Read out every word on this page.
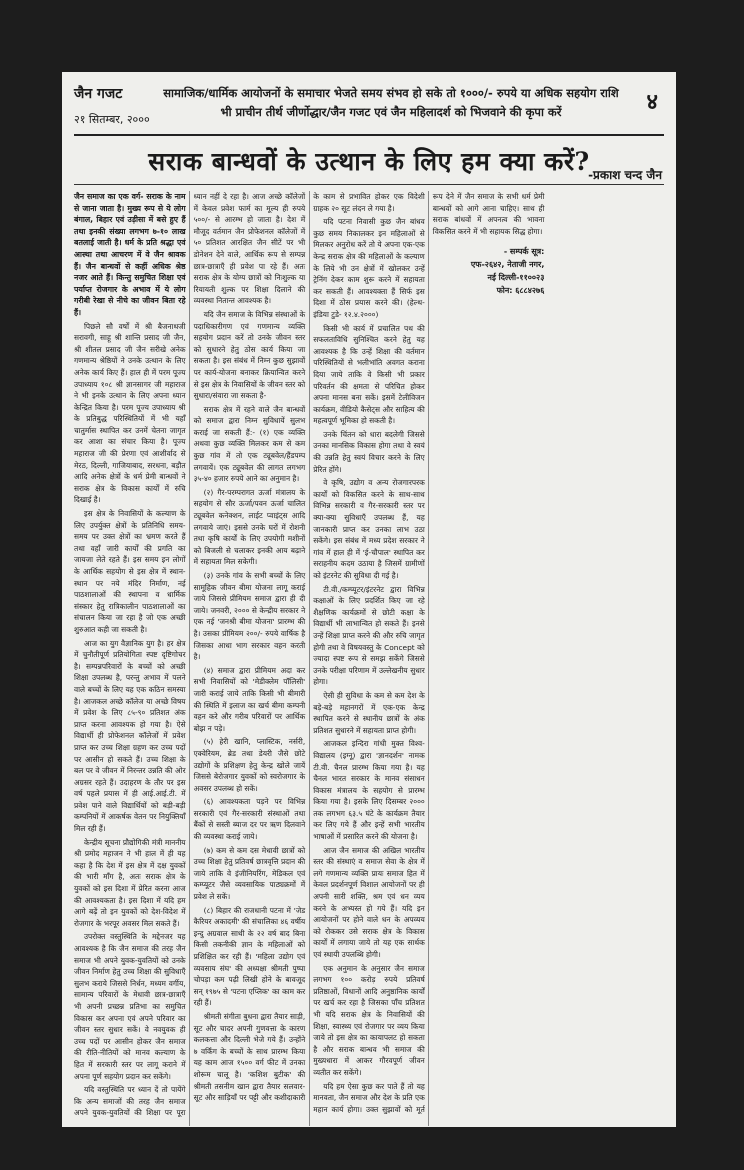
जैन गजट
२१ सितम्बर, २०००
सामाजिक/धार्मिक आयोजनों के समाचार भेजते समय संभव हो सके तो १०००/- रुपये या अधिक सहयोग राशि
भी प्राचीन तीर्थ जीर्णोद्धार/जैन गजट एवं जैन महिलादर्श को भिजवाने की कृपा करें	४
सराक बान्धवों के उत्थान के लिए हम क्या करें?
-प्रकाश चन्द जैन

जैन समाज का एक वर्ग- सराक के नाम से जाना जाता है। मुख्य रूप से ये लोग बंगाल, बिहार एवं उड़ीसा में बसे हुए हैं तथा इनकी संख्या लगभग ७-१० लाख बतलाई जाती है। धर्म के प्रति श्रद्धा एवं आस्था तथा आचरण में वे जैन श्रावक हैं। जैन बान्धवों से कहीं अधिक श्रेष्ठ नजर आते हैं। किन्तु समुचित शिक्षा एवं पर्याप्त रोजगार के अभाव में ये लोग गरीबी रेखा से नीचे का जीवन बिता रहे हैं।

पिछले सौ वर्षों में श्री बैजनाथजी सरावगी, साहू श्री शान्ति प्रसाद जी जैन, श्री शीतल प्रसाद जी जैन सरीखे अनेक गणमान्य श्रेष्ठियों ने उनके उत्थान के लिए अनेक कार्य किए हैं। हाल ही में परम पूज्य उपाध्याय १०८ श्री ज्ञानसागर जी महाराज ने भी इनके उत्थान के लिए अपना ध्यान केन्द्रित किया है। परम पूज्य उपाध्याय श्री के प्रतिबुद्ध परिस्थितियों में भी यहाँ चातुर्मास स्थापित कर उनमें चेतना जागृत कर आशा का संचार किया है। पूज्य महाराज जी की प्रेरणा एवं आशीर्वाद से मेरठ, दिल्ली, गाजियाबाद, सरधना, बड़ौत आदि अनेक क्षेत्रों के धर्म प्रेमी बान्धवों ने सराक क्षेत्र के विकास कार्यों में रुचि दिखाई है।

इस क्षेत्र के निवासियों के कल्याण के लिए उपर्युक्त क्षेत्रों के प्रतिनिधि समय-समय पर उक्त क्षेत्रों का भ्रमण करते हैं तथा वहाँ जारी कार्यों की प्रगति का जायजा लेते रहते हैं। इस समय इन लोगों के आर्थिक सहयोग से इस क्षेत्र में स्थान-स्थान पर नये मंदिर निर्माण, नई पाठशालाओं की स्थापना व धार्मिक संस्कार हेतु रात्रिकालीन पाठशालाओं का संचालन किया जा रहा है जो एक अच्छी शुरुआत कही जा सकती है।

आज का युग वैज्ञानिक युग है। हर क्षेत्र में चुनौतीपूर्ण प्रतियोगिता स्पष्ट दृष्टिगोचर है। सम्पन्नपरिवारों के बच्चों को अच्छी शिक्षा उपलब्ध है, परन्तु अभाव में पलने वाले बच्चों के लिए यह एक कठिन समस्या है। आजकल अच्छे कॉलेज या अच्छे विषय में प्रवेश के लिए ८५-९० प्रतिशत अंक प्राप्त करना आवश्यक हो गया है। ऐसे विद्यार्थी ही प्रोफेशनल कॉलेजों में प्रवेश प्राप्त कर उच्च शिक्षा ग्रहण कर उच्च पदों पर आसीन हो सकते हैं। उच्च शिक्षा के बल पर वे जीवन में निरन्तर उन्नति की ओर अग्रसर रहते हैं। उदाहरण के तौर पर इस वर्ष पहले प्रयास में ही आई.आई.टी. में प्रवेश पाने वाले विद्यार्थियों को बड़ी-बड़ी कम्पनियों में आकर्षक वेतन पर नियुक्तियाँ मिल रही हैं।

केन्द्रीय सूचना प्रौद्योगिकी मंत्री माननीय श्री प्रमोद महाजन ने भी हाल में ही यह कहा है कि देश में इस क्षेत्र में दक्ष युवकों की भारी माँग है, अतः सराक क्षेत्र के युवकों को इस दिशा में प्रेरित करना आज की आवश्यकता है। इस दिशा में यदि हम आगे बढ़ें तो इन युवकों को देश-विदेश में रोजगार के भरपूर अवसर मिल सकते हैं।

उपरोक्त वस्तुस्थिति के मद्देनजर यह आवश्यक है कि जैन समाज की तरह जैन समाज भी अपने युवक-युवतियों को उनके जीवन निर्माण हेतु उच्च शिक्षा की सुविधाएँ सुलभ कराये जिससे निर्धन, मध्यम वर्गीय, सामान्य परिवारों के मेधावी छात्र-छात्राएँ भी अपनी प्रच्छन्न प्रतिभा का समुचित विकास कर अपना एवं अपने परिवार का जीवन स्तर सुधार सकें। वे नवयुवक ही उच्च पदों पर आसीन होकर जैन समाज की रीति-नीतियों को मानव कल्याण के हित में सरकारी स्तर पर लागू कराने में अपना पूर्ण सहयोग प्रदान कर सकेंगे।

यदि वस्तुस्थिति पर ध्यान दें तो पायेंगे कि अन्य समाजों की तरह जैन समाज अपने युवक-युवतियों की शिक्षा पर पूरा ध्यान नहीं दे रहा है। आज अच्छे कॉलेजों में केवल प्रवेश फार्म का मूल्य ही रुपये ५००/- से आरम्भ हो जाता है। देश में मौजूद वर्तमान जैन प्रोफेशनल कॉलेजों में ५० प्रतिशत आरक्षित जैन सीटें पर भी डोनेशन देने वाले, आर्थिक रूप से सम्पन्न छात्र-छात्राएँ ही प्रवेश पा रहे हैं। अतः सराक क्षेत्र के योग्य छात्रों को निःशुल्क या रियायती शुल्क पर शिक्षा दिलाने की व्यवस्था नितान्त आवश्यक है।

यदि जैन समाज के विभिन्न संस्थाओं के पदाधिकारीगण एवं गणमान्य व्यक्ति सहयोग प्रदान करें तो उनके जीवन स्तर को सुधारने हेतु ठोस कार्य किया जा सकता है। इस संबंध में निम्न कुछ सुझावों पर कार्य-योजना बनाकर क्रियान्वित करने से इस क्षेत्र के निवासियों के जीवन स्तर को सुधारा/संवारा जा सकता है-

सराक क्षेत्र में रहने वाले जैन बान्धवों को समाज द्वारा निम्न सुविधायें सुलभ कराई जा सकती हैं:- (१) एक व्यक्ति अथवा कुछ व्यक्ति मिलकर कम से कम कुछ गांव में तो एक ट्यूबवेल/हैंडपम्प लगवायें। एक ट्यूबवेल की लागत लगभग ३५-४० हजार रुपये आने का अनुमान है।

(२) गैर-परम्परागत ऊर्जा मंत्रालय के सहयोग से सौर ऊर्जा/पवन ऊर्जा चालित ट्यूबवेल कनेक्शन, लाईट प्वाइंट्स आदि लगवाये जाएं। इससे उनके घरों में रोशनी तथा कृषि कार्यों के लिए उपयोगी मशीनों को बिजली से चलाकर इनकी आय बढ़ाने में सहायता मिल सकेगी।

(३) उनके गांव के सभी बच्चों के लिए सामूहिक जीवन बीमा योजना लागू कराई जाये जिससे प्रीमियम समाज द्वारा ही दी जाये। जनवरी, २००० से केन्द्रीय सरकार ने एक नई 'जनश्री बीमा योजना' प्रारम्भ की है। उसका प्रीमियम २००/- रुपये वार्षिक है जिसका आधा भाग सरकार वहन करती है।

(४) समाज द्वारा प्रीमियम अदा कर सभी निवासियों को 'मेडीक्लेम पॉलिसी' जारी कराई जाये ताकि किसी भी बीमारी की स्थिति में इलाज का खर्च बीमा कम्पनी वहन करे और गरीब परिवारों पर आर्थिक बोझ न पड़े।

(५) हेरी खानि, प्लास्टिक, नर्सरी, एक्वेरियम, ब्रेड तथा डेयरी जैसे छोटे उद्योगों के प्रशिक्षण हेतु केन्द्र खोले जायें जिससे बेरोजगार युवकों को स्वरोजगार के अवसर उपलब्ध हो सकें।

(६) आवश्यकता पड़ने पर विभिन्न सरकारी एवं गैर-सरकारी संस्थाओं तथा बैंकों से सस्ती ब्याज दर पर ऋण दिलवाने की व्यवस्था कराई जाये।

(७) कम से कम दस मेधावी छात्रों को उच्च शिक्षा हेतु प्रतिवर्ष छात्रवृत्ति प्रदान की जाये ताकि वे इंजीनियरिंग, मेडिकल एवं कम्प्यूटर जैसे व्यवसायिक पाठ्यक्रमों में प्रवेश ले सकें।

(८) बिहार की राजधानी पटना में 'जेड कैरियर अकादमी' की संचालिका ४६ वर्षीय इन्दु अग्रवाल साथी के २२ वर्ष बाद बिना किसी तकनीकी ज्ञान के महिलाओं को प्रशिक्षित कर रही हैं। 'महिला उद्योग एवं व्यवसाय संघ' की अध्यक्षा श्रीमती पुष्पा चोपड़ा कम पढ़ी लिखी होने के बावजूद सन् १९७५ से 'पटना एप्लिक' का काम कर रही हैं।

श्रीमती संगीता बुधना द्वारा तैयार साड़ी, सूट और चादर अपनी गुणवत्ता के कारण कलकत्ता और दिल्ली भेजे गये हैं। उन्होंने ७ वर्किंग के बच्चों के साथ प्रारम्भ किया यह काम आज १५०० वर्ग फीट में उनका शोरूम चालू है। 'कशिश बुटीक' की श्रीमती तसनीम खान द्वारा तैयार सलवार-सूट और साड़ियाँ पर पट्टी और कशीदाकारी के काम से प्रभावित होकर एक विदेशी ग्राहक २० सूट लंदन ले गया है।

यदि पटना निवासी कुछ जैन बांधव कुछ समय निकालकर इन महिलाओं से मिलकर अनुरोध करें तो ये अपना एक-एक केन्द्र सराक क्षेत्र की महिलाओं के कल्याण के लिये भी उन क्षेत्रों में खोलकर उन्हें ट्रेनिंग देकर काम शुरू करने में सहायता कर सकती हैं। आवश्यक्ता हैं सिर्फ इस दिशा में ठोस प्रयास करने की। (हेल्थ-इंडिया टुडे- १२.४.२०००)

किसी भी कार्य में प्रचालित पथ की सफलताविधि सुनिश्चित करने हेतु यह आवश्यक है कि उन्हें शिक्षा की वर्तमान परिस्थितियों से भलीभांति अवगत कराना दिया जाये ताकि वे किसी भी प्रकार परिवर्तन की क्षमता से परिचित होकर अपना मानस बना सकें। इसमें टेलीविजन कार्यक्रम, वीडियो कैसेट्स और साहित्य की महत्वपूर्ण भूमिका हो सकती है।

उनके चिंतन को धारा बदलेगी जिससे उनका मानसिक विकास होगा तथा वे स्वयं की उन्नति हेतु स्वयं विचार करने के लिए प्रेरित होंगे।

वे कृषि, उद्योग व अन्य रोजगारपरक कार्यों को विकसित करने के साथ-साथ विभिन्न सरकारी व गैर-सरकारी स्तर पर क्या-क्या सुविधाएँ उपलब्ध हैं, यह जानकारी प्राप्त कर उनका लाभ उठा सकेंगे। इस संबंध में मध्य प्रदेश सरकार ने गांव में हाल ही में 'ई-चौपाल' स्थापित कर सराहनीय कदम उठाया है जिसमें ग्रामीणों को इंटरनेट की सुविधा दी गई है।

टी.वी./कम्प्यूटर/इंटरनेट द्वारा विभिन्न कक्षाओं के लिए प्रदर्शित किए जा रहे शैक्षणिक कार्यक्रमों से छोटी कक्षा के विद्यार्थी भी लाभान्वित हो सकते हैं। इनसे उन्हें शिक्षा प्राप्त करने की और रुचि जागृत होगी तथा वे विषयवस्तु के Concept को ज्यादा स्पष्ट रूप से समझ सकेंगे जिससे उनके परीक्षा परिणाम में उल्लेखनीय सुधार होगा।

ऐसी ही सुविधा के कम से कम देश के बड़े-बड़े महानगरों में एक-एक केन्द्र स्थापित करने से स्थानीय छात्रों के अंक प्रतिशत सुधारने में सहायता प्राप्त होगी।

आजकल इन्दिरा गांधी मुक्त विश्व-विद्यालय (इग्नू) द्वारा 'ज्ञानदर्शन' नामक टी.वी. चैनल प्रारम्भ किया गया है। यह चैनल भारत सरकार के मानव संसाधन विकास मंत्रालय के सहयोग से प्रारम्भ किया गया है। इसके लिए दिसम्बर २००० तक लगभग ६३.५ घंटे के कार्यक्रम तैयार कर लिए गये हैं और इन्हें सभी भारतीय भाषाओं में प्रसारित करने की योजना है।

आज जैन समाज की अखिल भारतीय स्तर की संस्थाएं व समाज सेवा के क्षेत्र में लगे गणमान्य व्यक्ति प्रायः समाज हित में केवल प्रदर्शनपूर्ण विशाल आयोजनों पर ही अपनी सारी शक्ति, श्रम एवं धन व्यय करने के अभ्यस्त हो गये हैं। यदि इन आयोजनों पर होने वाले धन के अपव्यय को रोककर उसे सराक क्षेत्र के विकास कार्यों में लगाया जाये तो यह एक सार्थक एवं स्थायी उपलब्धि होगी।

एक अनुमान के अनुसार जैन समाज लगभग १०० करोड़ रुपये प्रतिवर्ष प्रतिष्ठाओं, विधानों आदि अनुष्ठानिक कार्यों पर खर्च कर रहा है जिसका पाँच प्रतिशत भी यदि सराक क्षेत्र के निवासियों की शिक्षा, स्वास्थ्य एवं रोजगार पर व्यय किया जाये तो इस क्षेत्र का कायापलट हो सकता है और सराक बान्धव भी समाज की मुख्यधारा में आकर गौरवपूर्ण जीवन व्यतीत कर सकेंगे।

यदि हम ऐसा कुछ कर पाते हैं तो यह मानवता, जैन समाज और देश के प्रति एक महान कार्य होगा। उक्त सुझावों को मूर्त रूप देने में जैन समाज के सभी धर्म प्रेमी बान्धवों को आगे आना चाहिए। साथ ही सराक बांधवों में अपनत्व की भावना विकसित करने में भी सहायक सिद्ध होगा।

- सम्पर्क सूत्र:
एफ-२६४२, नेताजी नगर,
नई दिल्ली-११००२३
फोन: ६८८४२७६
